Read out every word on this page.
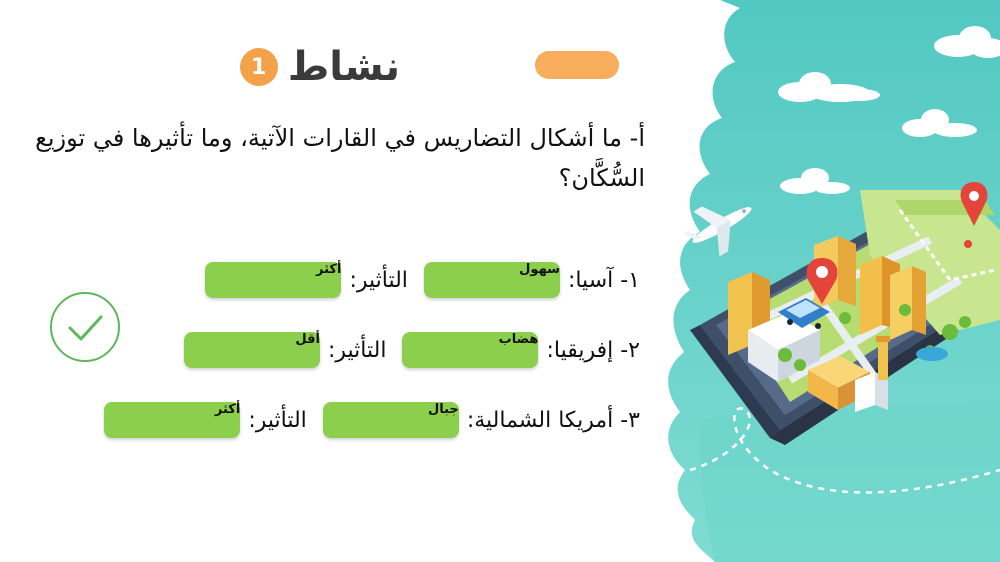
نشاط
1
أ- ما أشكال التضاريس في القارات الآتية، وما تأثيرها في توزيع السُّكَّان؟
١- آسيا:
سهول
التأثير:
أكثر
٢- إفريقيا:
هضاب
التأثير:
أقل
٣- أمريكا الشمالية:
جبال
التأثير:
أكثر
